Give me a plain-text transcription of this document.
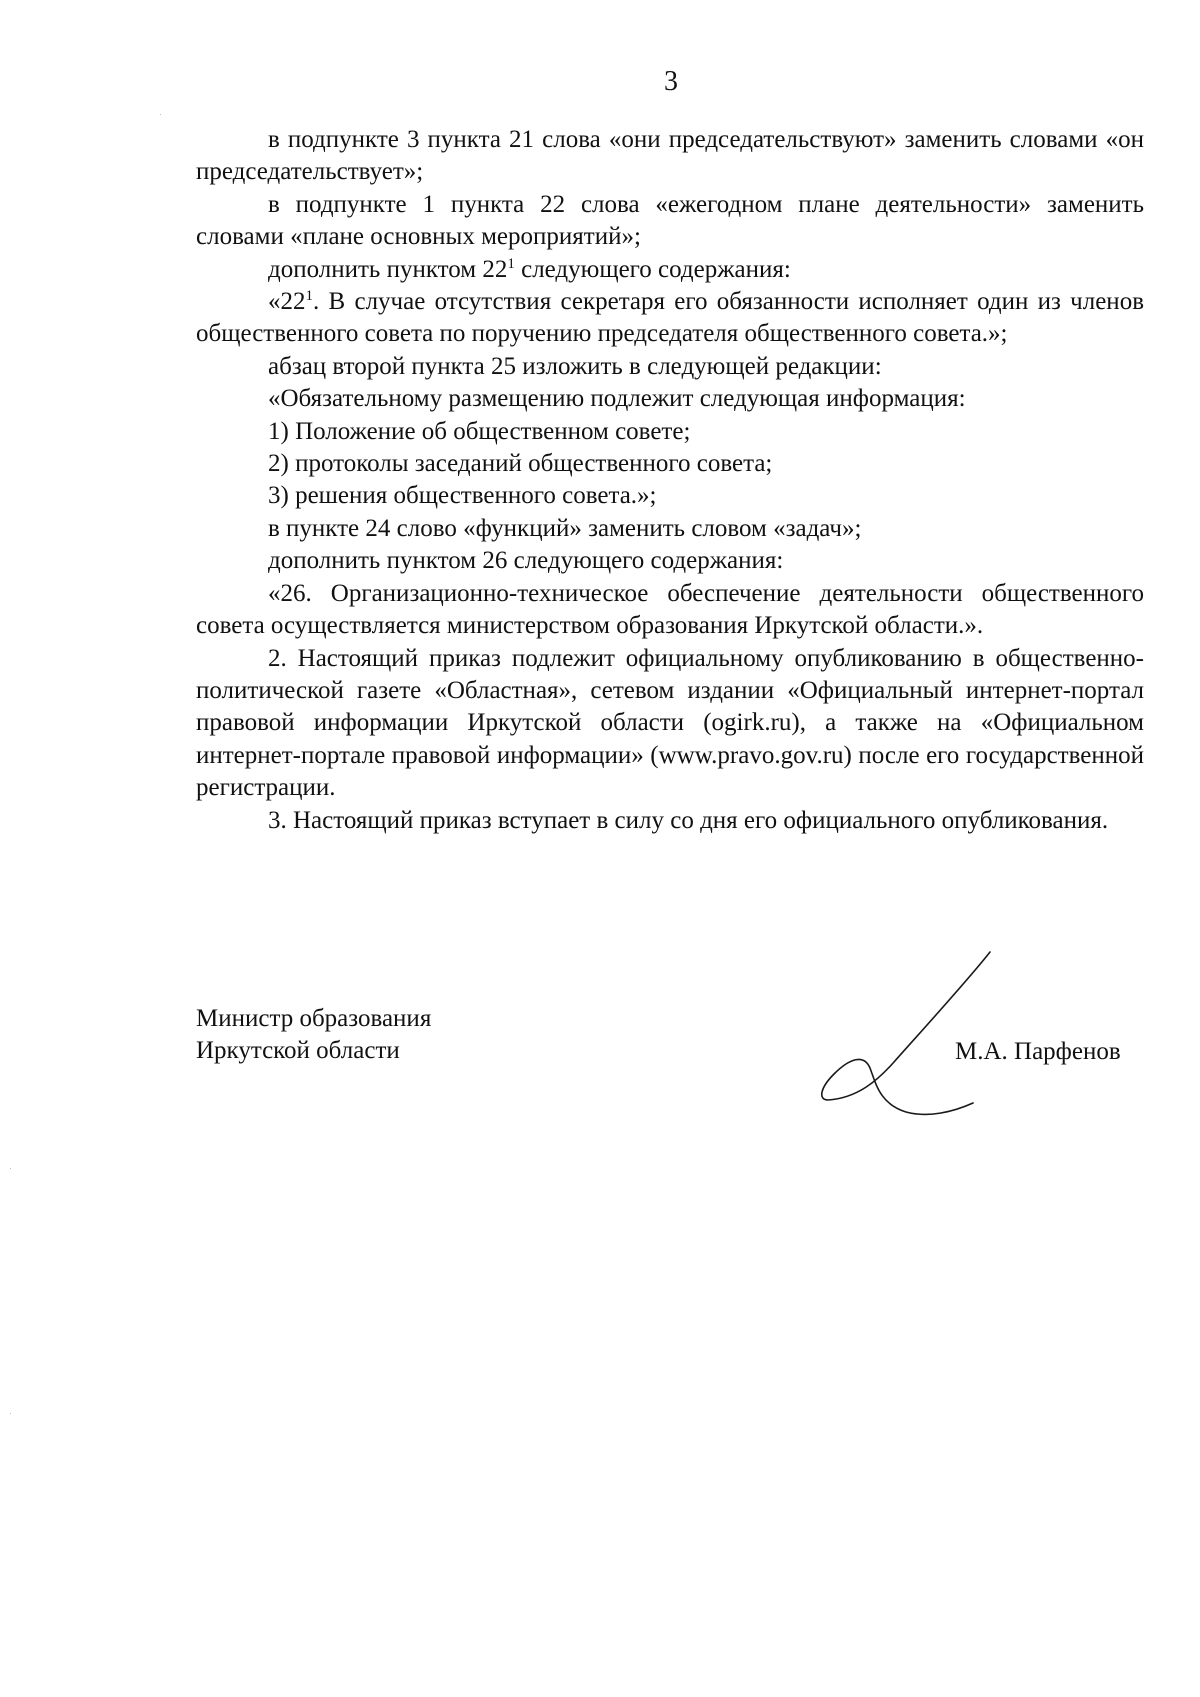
3

в подпункте 3 пункта 21 слова «они председательствуют» заменить словами «он председательствует»;

в подпункте 1 пункта 22 слова «ежегодном плане деятельности» заменить словами «плане основных мероприятий»;

дополнить пунктом $22^1$ следующего содержания:

«$22^1$. В случае отсутствия секретаря его обязанности исполняет один из членов общественного совета по поручению председателя общественного совета.»;

абзац второй пункта 25 изложить в следующей редакции:

«Обязательному размещению подлежит следующая информация:

1) Положение об общественном совете;

2) протоколы заседаний общественного совета;

3) решения общественного совета.»;

в пункте 24 слово «функций» заменить словом «задач»;

дополнить пунктом 26 следующего содержания:

«26. Организационно-техническое обеспечение деятельности общественного совета осуществляется министерством образования Иркутской области.».

2. Настоящий приказ подлежит официальному опубликованию в общественно-политической газете «Областная», сетевом издании «Официальный интернет-портал правовой информации Иркутской области (ogirk.ru), а также на «Официальном интернет-портале правовой информации» (www.pravo.gov.ru) после его государственной регистрации.

3. Настоящий приказ вступает в силу со дня его официального опубликования.

Министр образования
Иркутской области	М.А. Парфенов
